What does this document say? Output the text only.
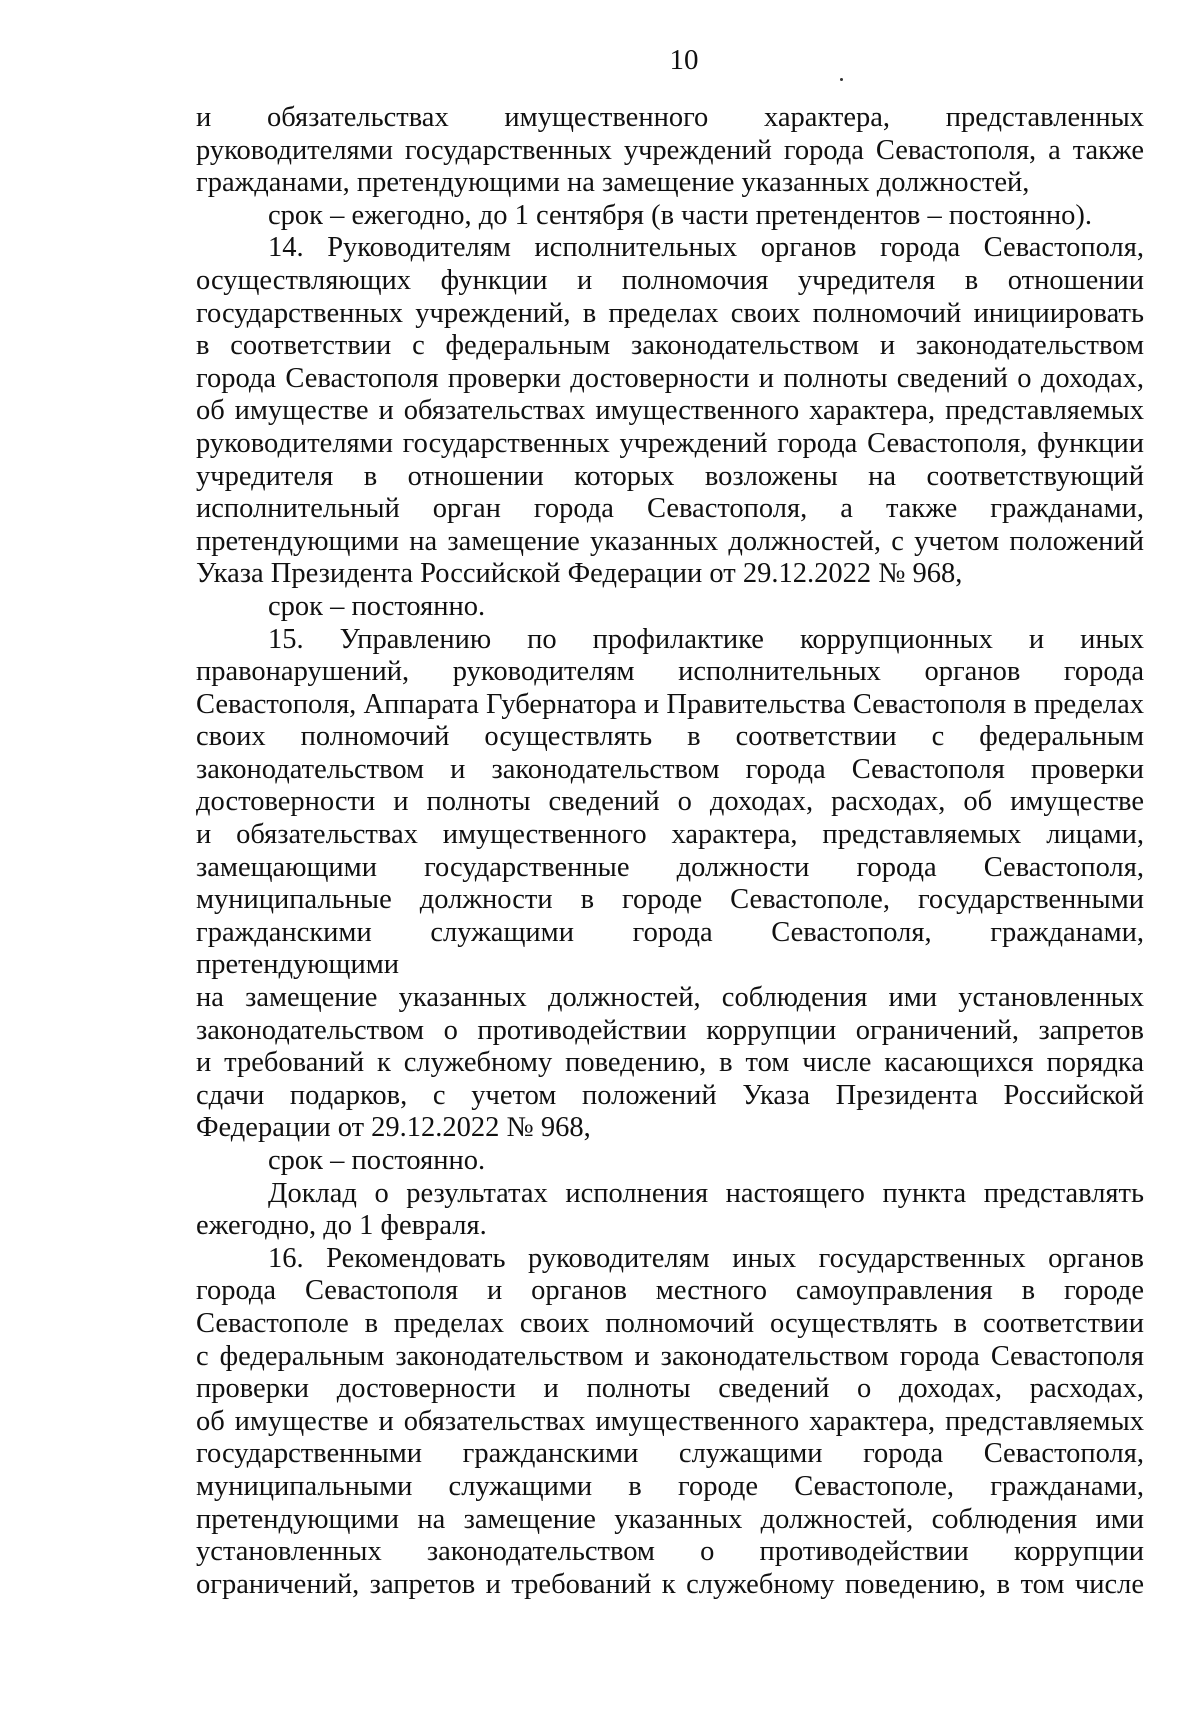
10

и обязательствах имущественного характера, представленных

руководителями государственных учреждений города Севастополя, а также

гражданами, претендующими на замещение указанных должностей,

срок – ежегодно, до 1 сентября (в части претендентов – постоянно).

14. Руководителям исполнительных органов города Севастополя,

осуществляющих функции и полномочия учредителя в отношении

государственных учреждений, в пределах своих полномочий инициировать

в соответствии с федеральным законодательством и законодательством

города Севастополя проверки достоверности и полноты сведений о доходах,

об имуществе и обязательствах имущественного характера, представляемых

руководителями государственных учреждений города Севастополя, функции

учредителя в отношении которых возложены на соответствующий

исполнительный орган города Севастополя, а также гражданами,

претендующими на замещение указанных должностей, с учетом положений

Указа Президента Российской Федерации от 29.12.2022 № 968,

срок – постоянно.

15. Управлению по профилактике коррупционных и иных

правонарушений, руководителям исполнительных органов города

Севастополя, Аппарата Губернатора и Правительства Севастополя в пределах

своих полномочий осуществлять в соответствии с федеральным

законодательством и законодательством города Севастополя проверки

достоверности и полноты сведений о доходах, расходах, об имуществе

и обязательствах имущественного характера, представляемых лицами,

замещающими государственные должности города Севастополя,

муниципальные должности в городе Севастополе, государственными

гражданскими служащими города Севастополя, гражданами, претендующими

на замещение указанных должностей, соблюдения ими установленных

законодательством о противодействии коррупции ограничений, запретов

и требований к служебному поведению, в том числе касающихся порядка

сдачи подарков, с учетом положений Указа Президента Российской

Федерации от 29.12.2022 № 968,

срок – постоянно.

Доклад о результатах исполнения настоящего пункта представлять

ежегодно, до 1 февраля.

16. Рекомендовать руководителям иных государственных органов

города Севастополя и органов местного самоуправления в городе

Севастополе в пределах своих полномочий осуществлять в соответствии

с федеральным законодательством и законодательством города Севастополя

проверки достоверности и полноты сведений о доходах, расходах,

об имуществе и обязательствах имущественного характера, представляемых

государственными гражданскими служащими города Севастополя,

муниципальными служащими в городе Севастополе, гражданами,

претендующими на замещение указанных должностей, соблюдения ими

установленных законодательством о противодействии коррупции

ограничений, запретов и требований к служебному поведению, в том числе
